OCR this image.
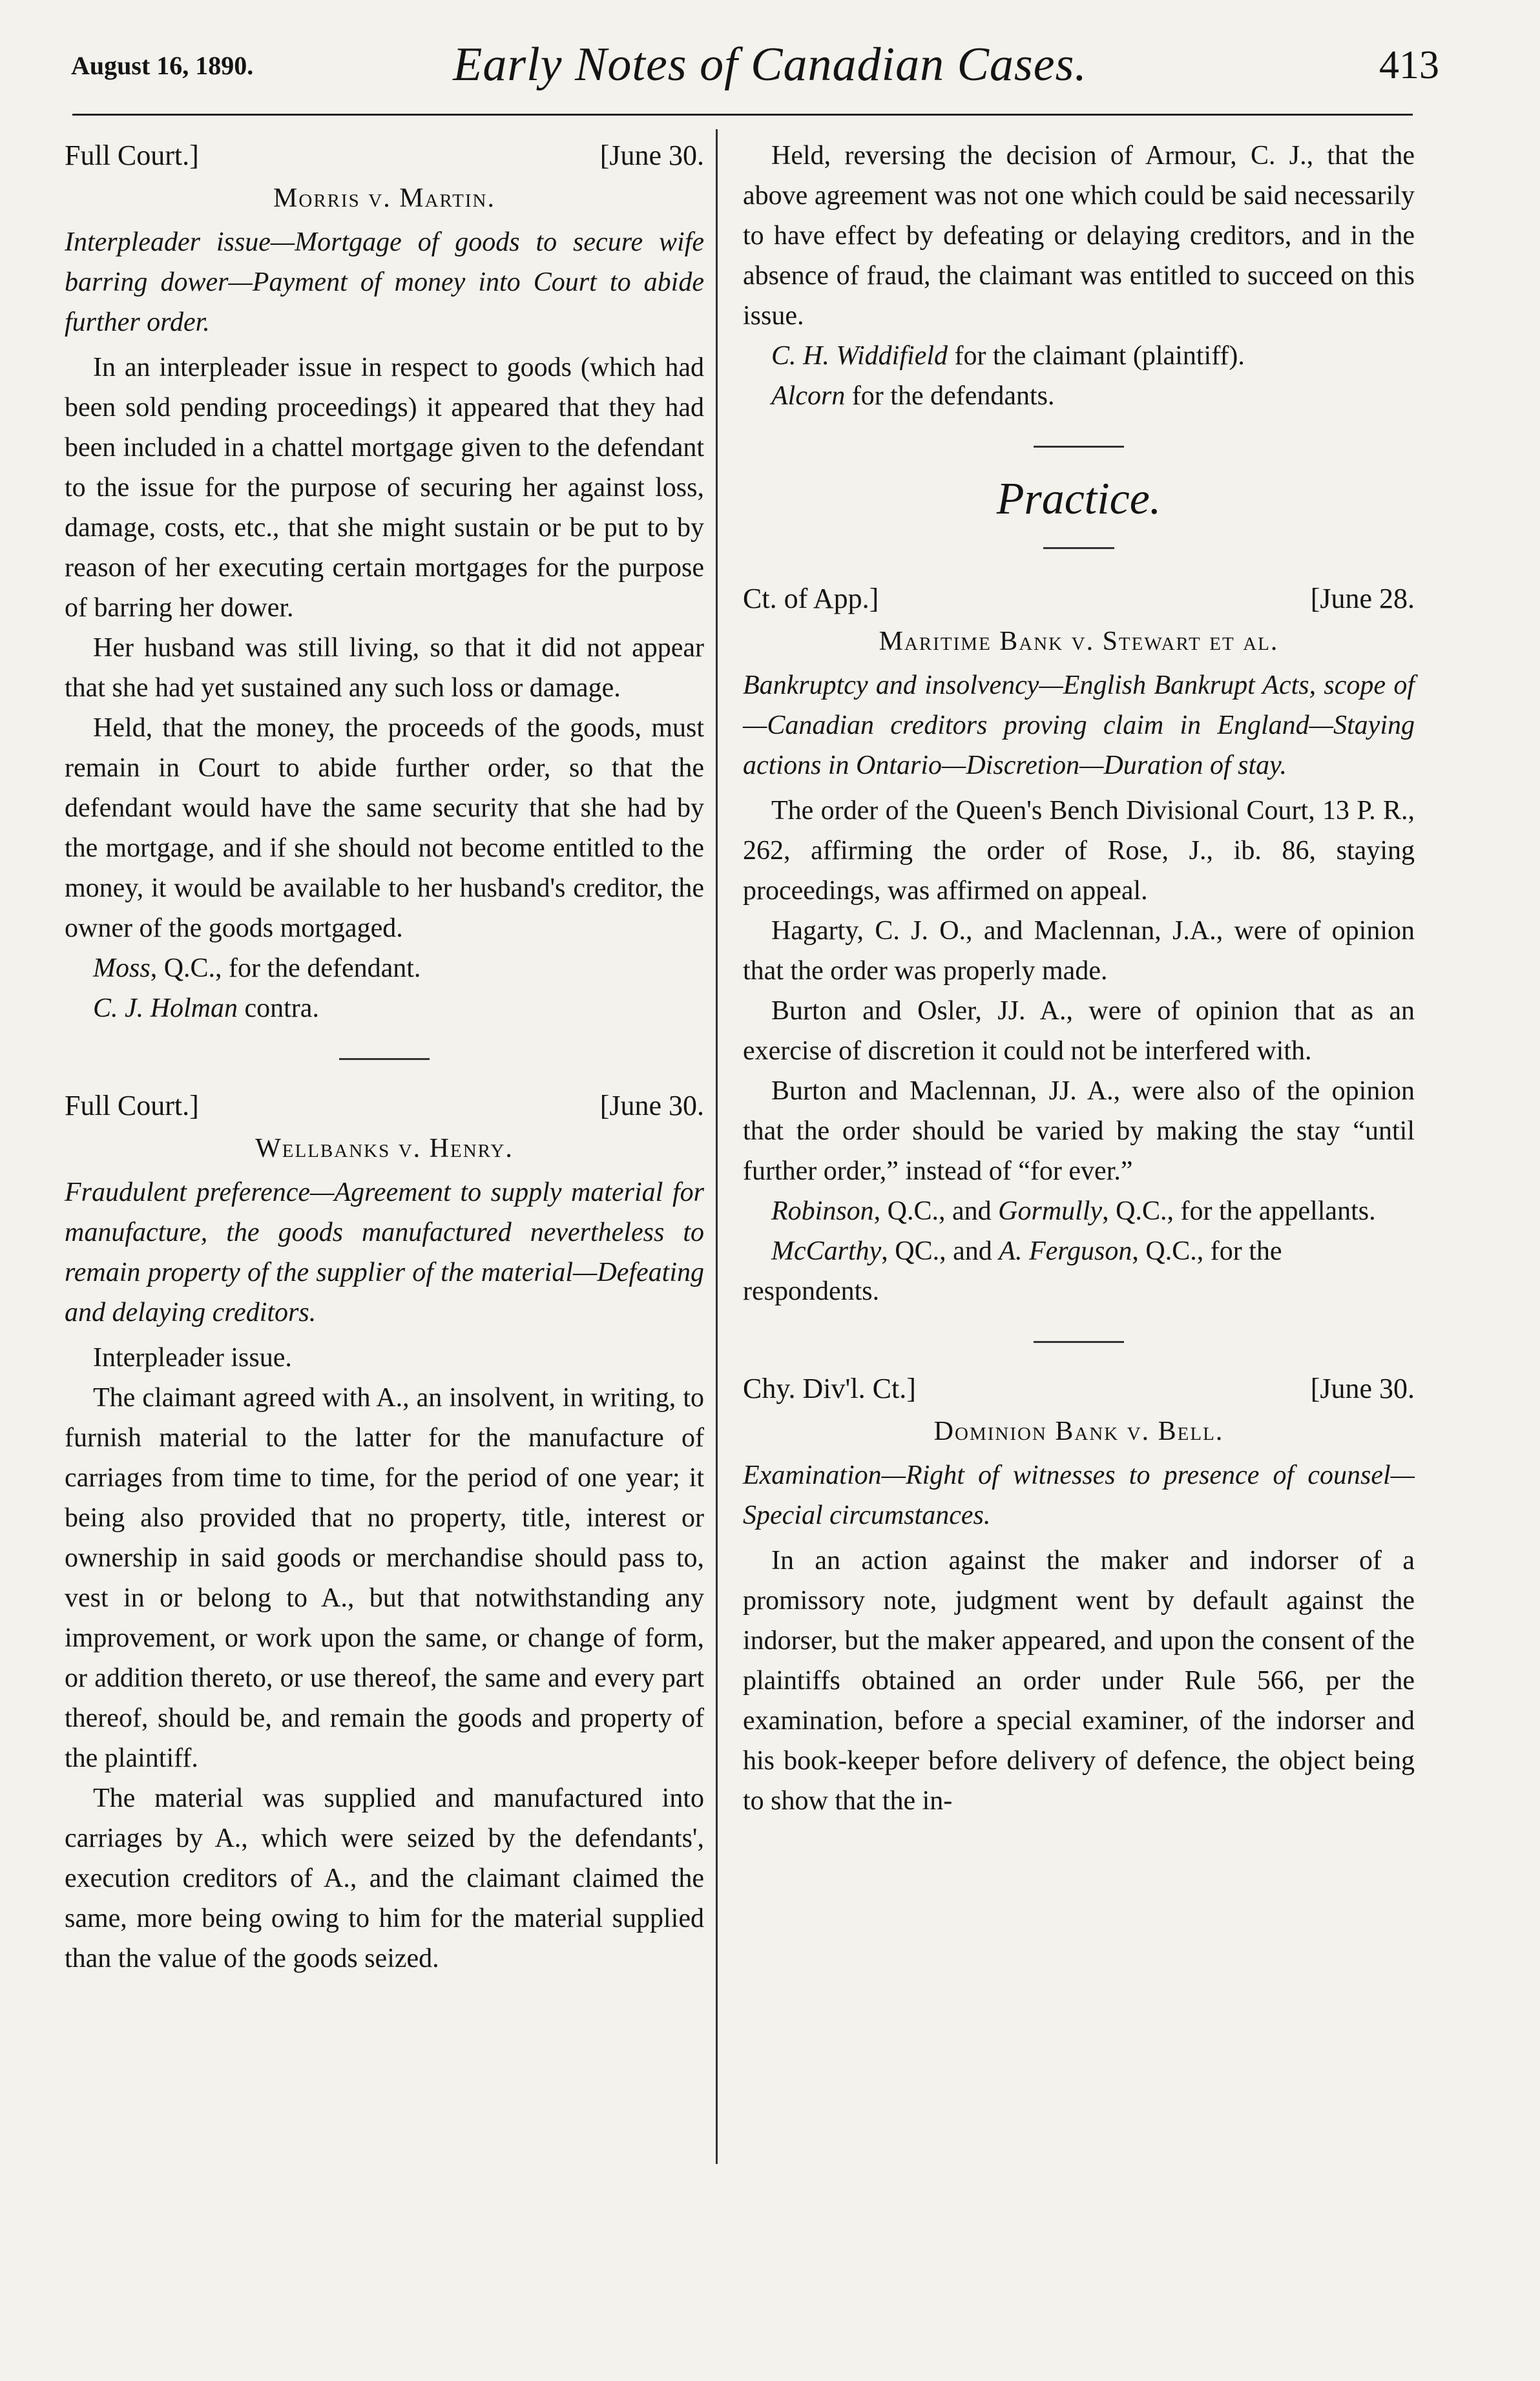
August 16, 1890.	Early Notes of Canadian Cases.	413
Full Court.]	[June 30.
Morris v. Martin.
Interpleader issue—Mortgage of goods to secure wife barring dower—Payment of money into Court to abide further order.

In an interpleader issue in respect to goods (which had been sold pending proceedings) it appeared that they had been included in a chattel mortgage given to the defendant to the issue for the purpose of securing her against loss, damage, costs, etc., that she might sustain or be put to by reason of her executing certain mortgages for the purpose of barring her dower.

Her husband was still living, so that it did not appear that she had yet sustained any such loss or damage.

Held, that the money, the proceeds of the goods, must remain in Court to abide further order, so that the defendant would have the same security that she had by the mortgage, and if she should not become entitled to the money, it would be available to her husband's creditor, the owner of the goods mortgaged.

Moss, Q.C., for the defendant.

C. J. Holman contra.

Full Court.]	[June 30.
Wellbanks v. Henry.
Fraudulent preference—Agreement to supply material for manufacture, the goods manufactured nevertheless to remain property of the supplier of the material—Defeating and delaying creditors.

Interpleader issue.

The claimant agreed with A., an insolvent, in writing, to furnish material to the latter for the manufacture of carriages from time to time, for the period of one year; it being also provided that no property, title, interest or ownership in said goods or merchandise should pass to, vest in or belong to A., but that notwithstanding any improvement, or work upon the same, or change of form, or addition thereto, or use thereof, the same and every part thereof, should be, and remain the goods and property of the plaintiff.

The material was supplied and manufactured into carriages by A., which were seized by the defendants', execution creditors of A., and the claimant claimed the same, more being owing to him for the material supplied than the value of the goods seized.

Held, reversing the decision of Armour, C. J., that the above agreement was not one which could be said necessarily to have effect by defeating or delaying creditors, and in the absence of fraud, the claimant was entitled to succeed on this issue.

C. H. Widdifield for the claimant (plaintiff).

Alcorn for the defendants.

Practice.
Ct. of App.]	[June 28.
Maritime Bank v. Stewart et al.
Bankruptcy and insolvency—English Bankrupt Acts, scope of—Canadian creditors proving claim in England—Staying actions in Ontario—Discretion—Duration of stay.

The order of the Queen's Bench Divisional Court, 13 P. R., 262, affirming the order of Rose, J., ib. 86, staying proceedings, was affirmed on appeal.

Hagarty, C. J. O., and Maclennan, J.A., were of opinion that the order was properly made.

Burton and Osler, JJ. A., were of opinion that as an exercise of discretion it could not be interfered with.

Burton and Maclennan, JJ. A., were also of the opinion that the order should be varied by making the stay “until further order,” instead of “for ever.”

Robinson, Q.C., and Gormully, Q.C., for the appellants.

McCarthy, QC., and A. Ferguson, Q.C., for the respondents.

Chy. Div'l. Ct.]	[June 30.
Dominion Bank v. Bell.
Examination—Right of witnesses to presence of counsel—Special circumstances.

In an action against the maker and indorser of a promissory note, judgment went by default against the indorser, but the maker appeared, and upon the consent of the plaintiffs obtained an order under Rule 566, per the examination, before a special examiner, of the indorser and his book-keeper before delivery of defence, the object being to show that the in-
